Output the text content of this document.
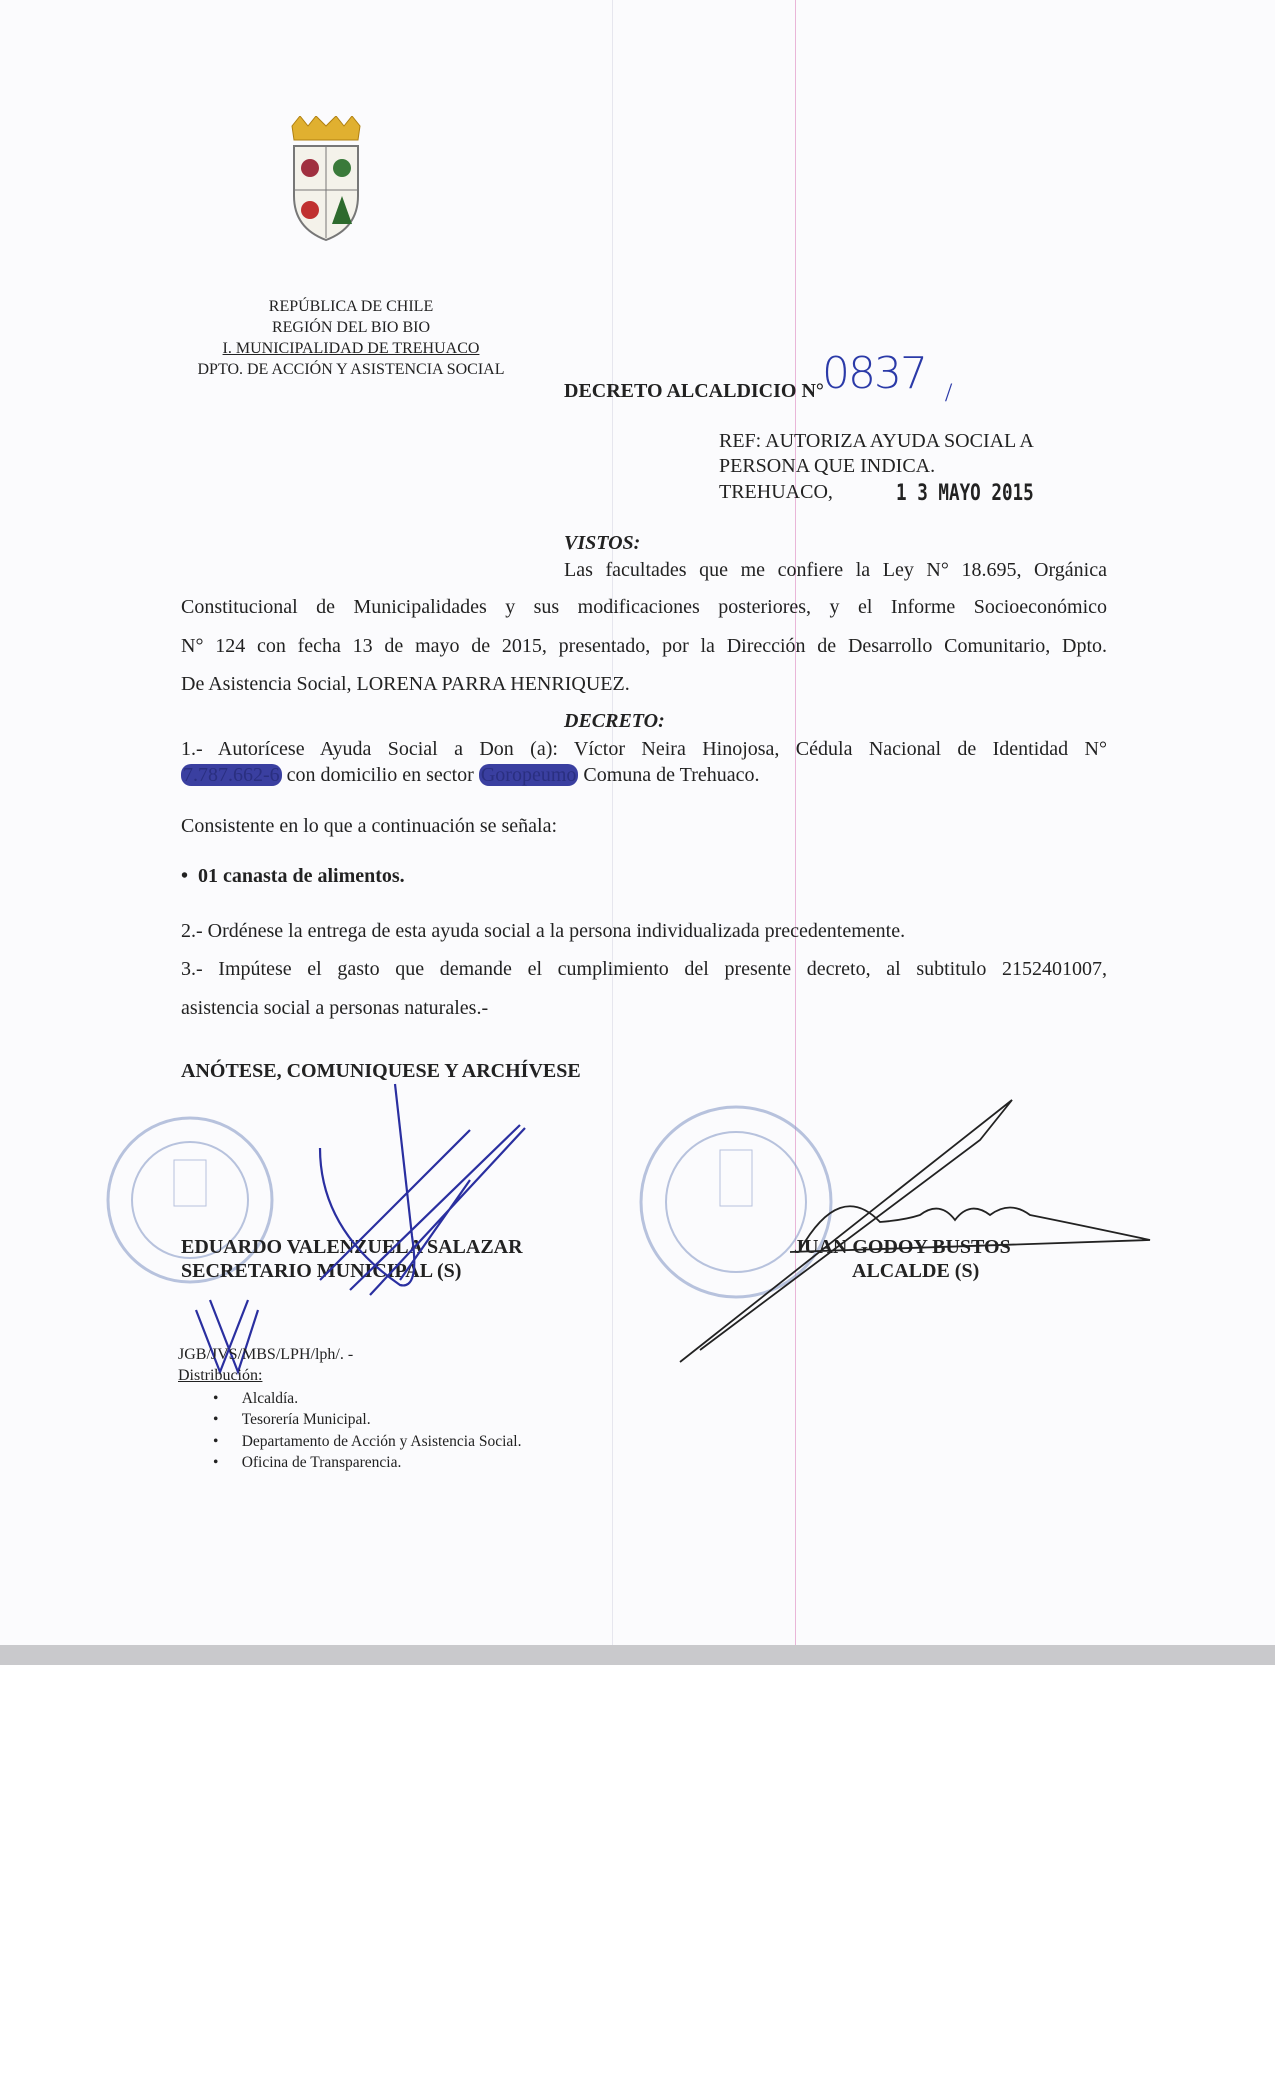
REPÚBLICA DE CHILE
REGIÓN DEL BIO BIO
I. MUNICIPALIDAD DE TREHUACO
DPTO. DE ACCIÓN Y ASISTENCIA SOCIAL
DECRETO ALCALDICIO N°
0837 /
REF: AUTORIZA AYUDA SOCIAL A
PERSONA QUE INDICA.
TREHUACO,	1 3 MAYO 2015
VISTOS:
Las facultades que me confiere la Ley N° 18.695, Orgánica
Constitucional de Municipalidades y sus modificaciones posteriores, y el Informe Socioeconómico
N° 124 con fecha 13 de mayo de 2015, presentado, por la Dirección de Desarrollo Comunitario, Dpto.
De Asistencia Social, LORENA PARRA HENRIQUEZ.
DECRETO:
1.- Autorícese Ayuda Social a Don (a): Víctor Neira Hinojosa, Cédula Nacional de Identidad N°
7.787.662-6 con domicilio en sector Goropeumo Comuna de Trehuaco.
Consistente en lo que a continuación se señala:
•  01 canasta de alimentos.
2.- Ordénese la entrega de esta ayuda social a la persona individualizada precedentemente.
3.- Impútese el gasto que demande el cumplimiento del presente decreto, al subtitulo 2152401007,
asistencia social a personas naturales.-
ANÓTESE, COMUNIQUESE Y ARCHÍVESE
EDUARDO VALENZUELA SALAZAR
SECRETARIO MUNICIPAL (S)
JUAN GODOY BUSTOS
ALCALDE (S)
JGB/JVS/MBS/LPH/lph/. -
Distribución:
•      Alcaldía.
•      Tesorería Municipal.
•      Departamento de Acción y Asistencia Social.
•      Oficina de Transparencia.
